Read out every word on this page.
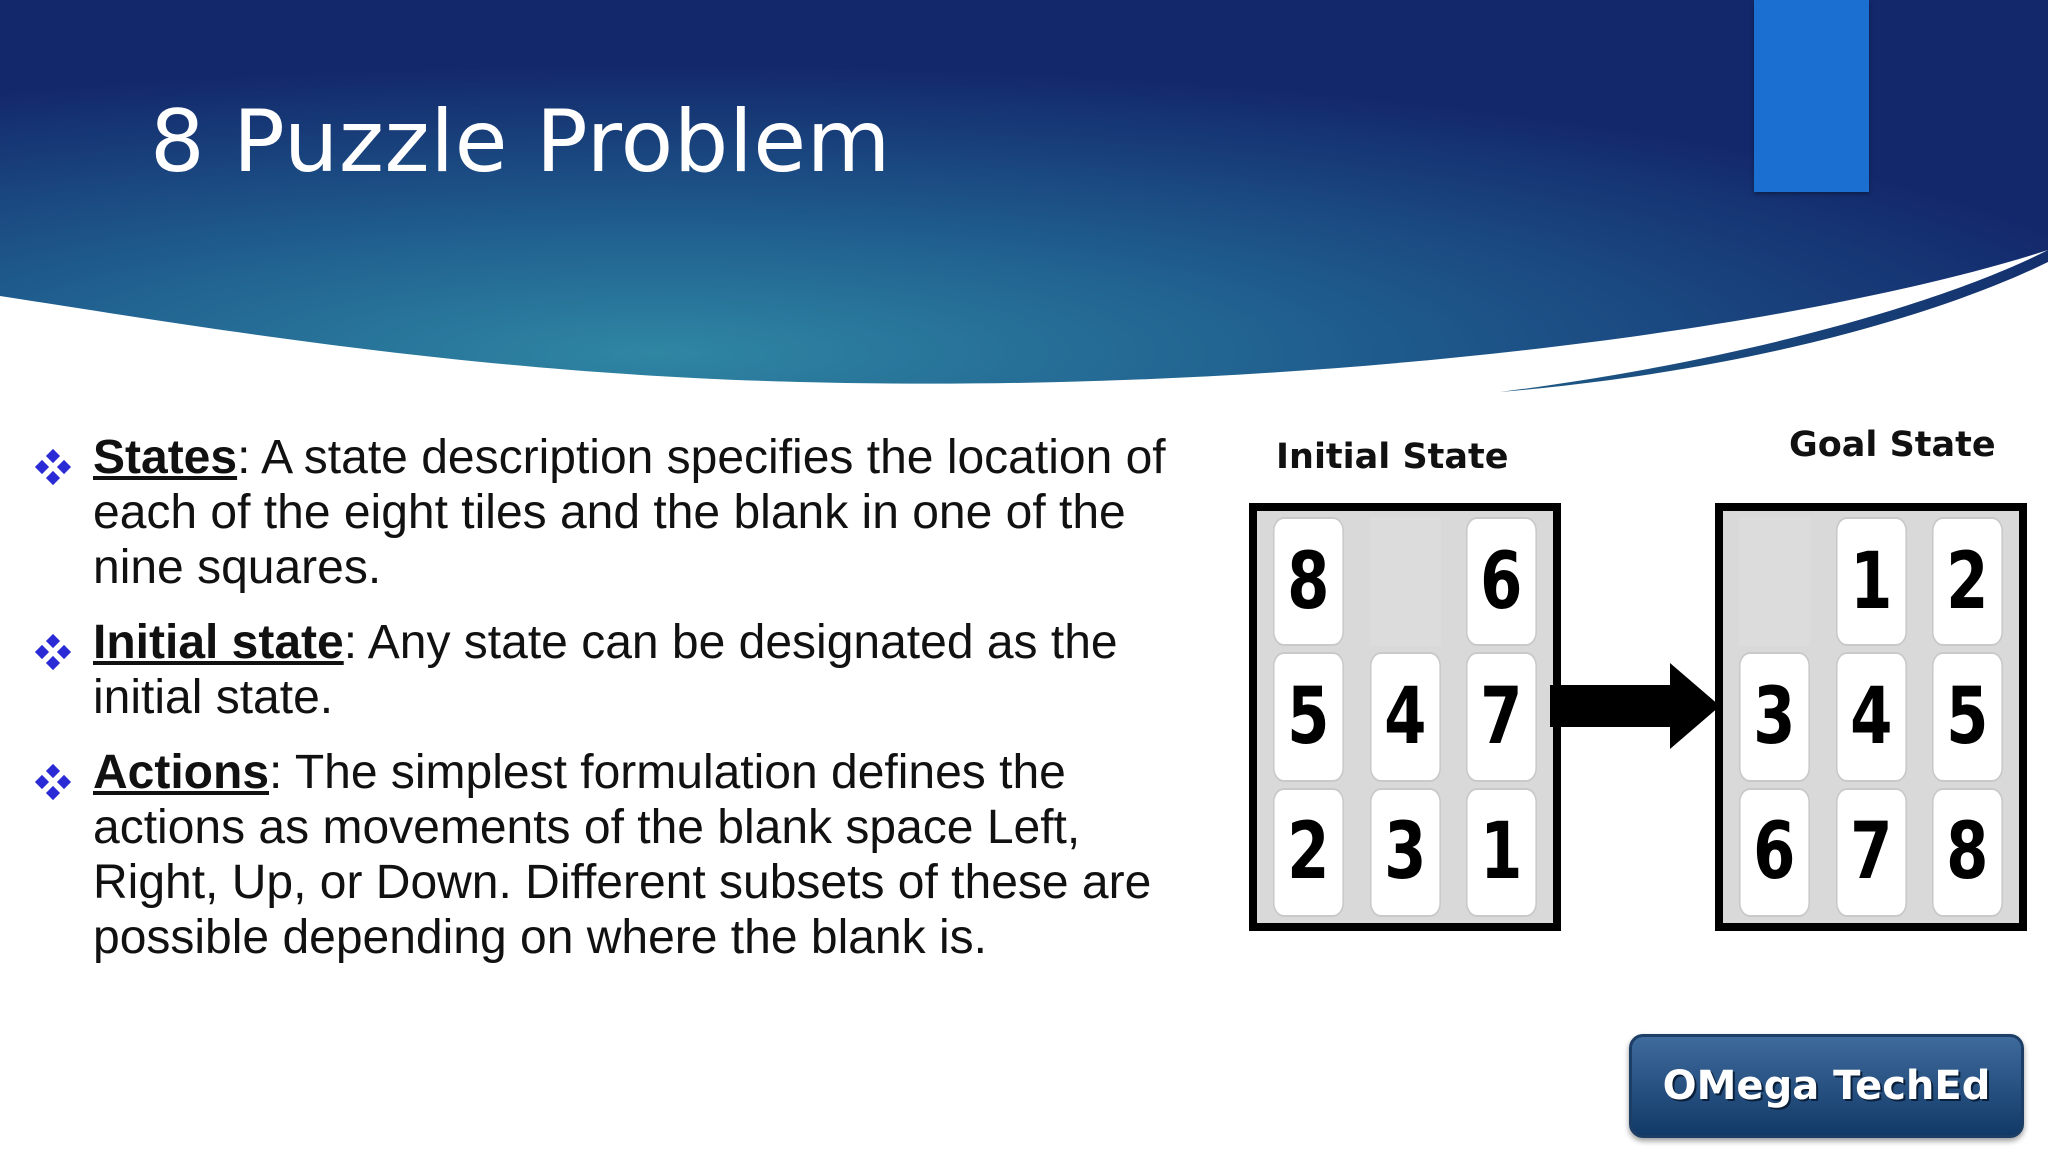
8 Puzzle Problem

States: A state description specifies the location of each of the eight tiles and the blank in one of the nine squares.

Initial state: Any state can be designated as the initial state.

Actions: The simplest formulation defines the actions as movements of the blank space Left, Right, Up, or Down. Different subsets of these are possible depending on where the blank is.

Initial State	Goal State
8 6
5 4 7
2 3 1
1 2
3 4 5
6 7 8
OMega TechEd
